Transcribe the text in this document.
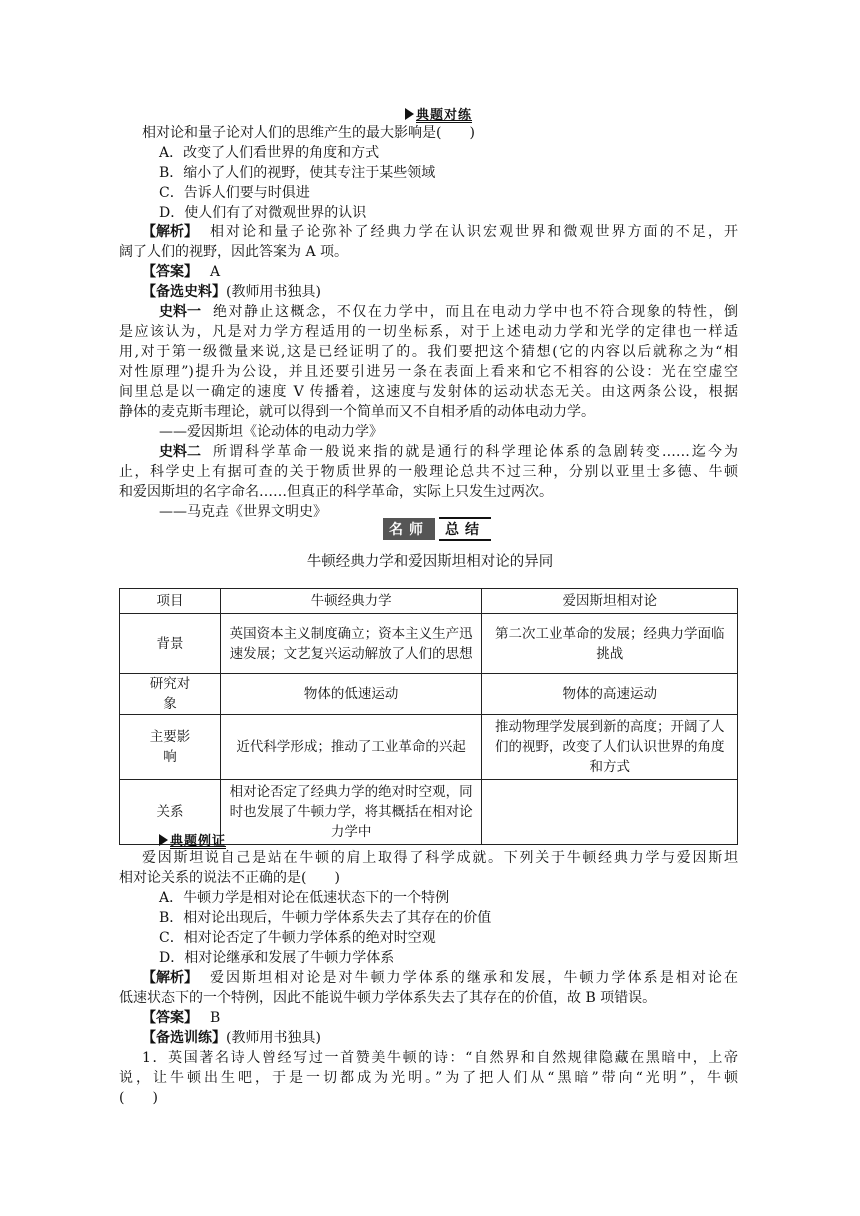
典题对练
相对论和量子论对人们的思维产生的最大影响是(　　)
A．改变了人们看世界的角度和方式
B．缩小了人们的视野，使其专注于某些领域
C．告诉人们要与时俱进
D．使人们有了对微观世界的认识
【解析】 相对论和量子论弥补了经典力学在认识宏观世界和微观世界方面的不足，开
阔了人们的视野，因此答案为 A 项。
【答案】 A
【备选史料】(教师用书独具)
史料一 绝对静止这概念，不仅在力学中，而且在电动力学中也不符合现象的特性，倒
是应该认为，凡是对力学方程适用的一切坐标系，对于上述电动力学和光学的定律也一样适
用,对于第一级微量来说,这是已经证明了的。我们要把这个猜想(它的内容以后就称之为“相
对性原理”)提升为公设，并且还要引进另一条在表面上看来和它不相容的公设：光在空虚空
间里总是以一确定的速度 V 传播着，这速度与发射体的运动状态无关。由这两条公设，根据
静体的麦克斯韦理论，就可以得到一个简单而又不自相矛盾的动体电动力学。
——爱因斯坦《论动体的电动力学》
史料二 所谓科学革命一般说来指的就是通行的科学理论体系的急剧转变……迄今为
止，科学史上有据可查的关于物质世界的一般理论总共不过三种，分别以亚里士多德、牛顿
和爱因斯坦的名字命名……但真正的科学革命，实际上只发生过两次。
——马克垚《世界文明史》
名师	总结
牛顿经典力学和爱因斯坦相对论的异同
项目	牛顿经典力学	爱因斯坦相对论
背景	英国资本主义制度确立；资本主义生产迅速发展；文艺复兴运动解放了人们的思想	第二次工业革命的发展；经典力学面临挑战
研究对象	物体的低速运动	物体的高速运动
主要影响	近代科学形成；推动了工业革命的兴起	推动物理学发展到新的高度；开阔了人们的视野，改变了人们认识世界的角度和方式
关系	相对论否定了经典力学的绝对时空观，同时也发展了牛顿力学，将其概括在相对论力学中	
典题例证
爱因斯坦说自己是站在牛顿的肩上取得了科学成就。下列关于牛顿经典力学与爱因斯坦
相对论关系的说法不正确的是(　　)
A．牛顿力学是相对论在低速状态下的一个特例
B．相对论出现后，牛顿力学体系失去了其存在的价值
C．相对论否定了牛顿力学体系的绝对时空观
D．相对论继承和发展了牛顿力学体系
【解析】 爱因斯坦相对论是对牛顿力学体系的继承和发展，牛顿力学体系是相对论在
低速状态下的一个特例，因此不能说牛顿力学体系失去了其存在的价值，故 B 项错误。
【答案】 B
【备选训练】(教师用书独具)
1．英国著名诗人曾经写过一首赞美牛顿的诗：“自然界和自然规律隐藏在黑暗中，上帝
说，让牛顿出生吧，于是一切都成为光明。”为了把人们从“黑暗”带向“光明”，牛顿
(　　)
